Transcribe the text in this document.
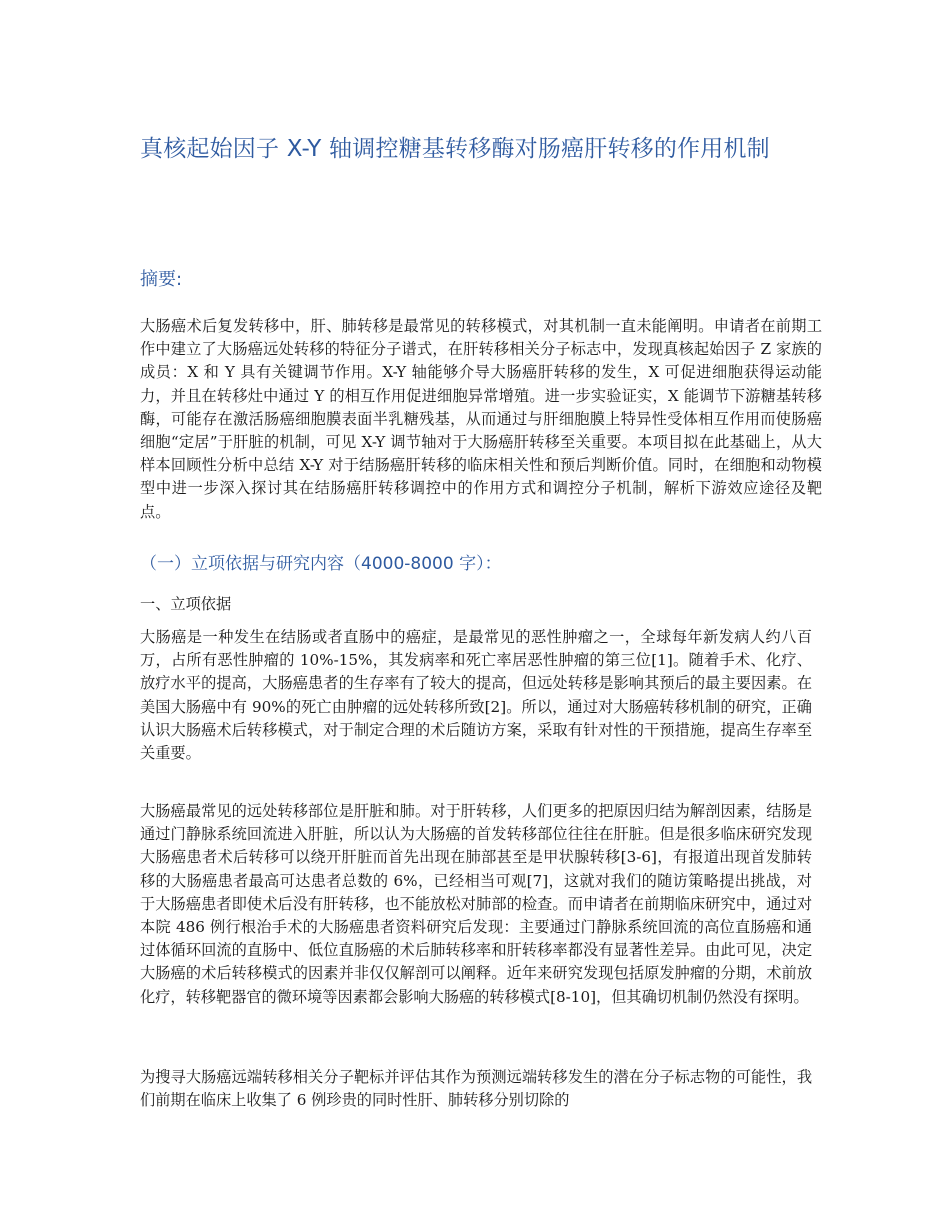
真核起始因子 X-Y 轴调控糖基转移酶对肠癌肝转移的作用机制
摘要:

大肠癌术后复发转移中，肝、肺转移是最常见的转移模式，对其机制一直未能阐明。申请者在前期工作中建立了大肠癌远处转移的特征分子谱式，在肝转移相关分子标志中，发现真核起始因子 Z 家族的成员：X 和 Y 具有关键调节作用。X-Y 轴能够介导大肠癌肝转移的发生，X 可促进细胞获得运动能力，并且在转移灶中通过 Y 的相互作用促进细胞异常增殖。进一步实验证实，X 能调节下游糖基转移酶，可能存在激活肠癌细胞膜表面半乳糖残基，从而通过与肝细胞膜上特异性受体相互作用而使肠癌细胞“定居”于肝脏的机制，可见 X-Y 调节轴对于大肠癌肝转移至关重要。本项目拟在此基础上，从大样本回顾性分析中总结 X-Y 对于结肠癌肝转移的临床相关性和预后判断价值。同时，在细胞和动物模型中进一步深入探讨其在结肠癌肝转移调控中的作用方式和调控分子机制，解析下游效应途径及靶点。

（一）立项依据与研究内容（4000-8000 字）：
一、立项依据

大肠癌是一种发生在结肠或者直肠中的癌症，是最常见的恶性肿瘤之一，全球每年新发病人约八百万，占所有恶性肿瘤的 10%-15%，其发病率和死亡率居恶性肿瘤的第三位[1]。随着手术、化疗、放疗水平的提高，大肠癌患者的生存率有了较大的提高，但远处转移是影响其预后的最主要因素。在美国大肠癌中有 90%的死亡由肿瘤的远处转移所致[2]。所以，通过对大肠癌转移机制的研究，正确认识大肠癌术后转移模式，对于制定合理的术后随访方案，采取有针对性的干预措施，提高生存率至关重要。

大肠癌最常见的远处转移部位是肝脏和肺。对于肝转移，人们更多的把原因归结为解剖因素，结肠是通过门静脉系统回流进入肝脏，所以认为大肠癌的首发转移部位往往在肝脏。但是很多临床研究发现大肠癌患者术后转移可以绕开肝脏而首先出现在肺部甚至是甲状腺转移[3-6]，有报道出现首发肺转移的大肠癌患者最高可达患者总数的 6%，已经相当可观[7]，这就对我们的随访策略提出挑战，对于大肠癌患者即使术后没有肝转移，也不能放松对肺部的检查。而申请者在前期临床研究中，通过对本院 486 例行根治手术的大肠癌患者资料研究后发现：主要通过门静脉系统回流的高位直肠癌和通过体循环回流的直肠中、低位直肠癌的术后肺转移率和肝转移率都没有显著性差异。由此可见，决定大肠癌的术后转移模式的因素并非仅仅解剖可以阐释。近年来研究发现包括原发肿瘤的分期，术前放化疗，转移靶器官的微环境等因素都会影响大肠癌的转移模式[8-10]，但其确切机制仍然没有探明。

为搜寻大肠癌远端转移相关分子靶标并评估其作为预测远端转移发生的潜在分子标志物的可能性，我们前期在临床上收集了 6 例珍贵的同时性肝、肺转移分别切除的
